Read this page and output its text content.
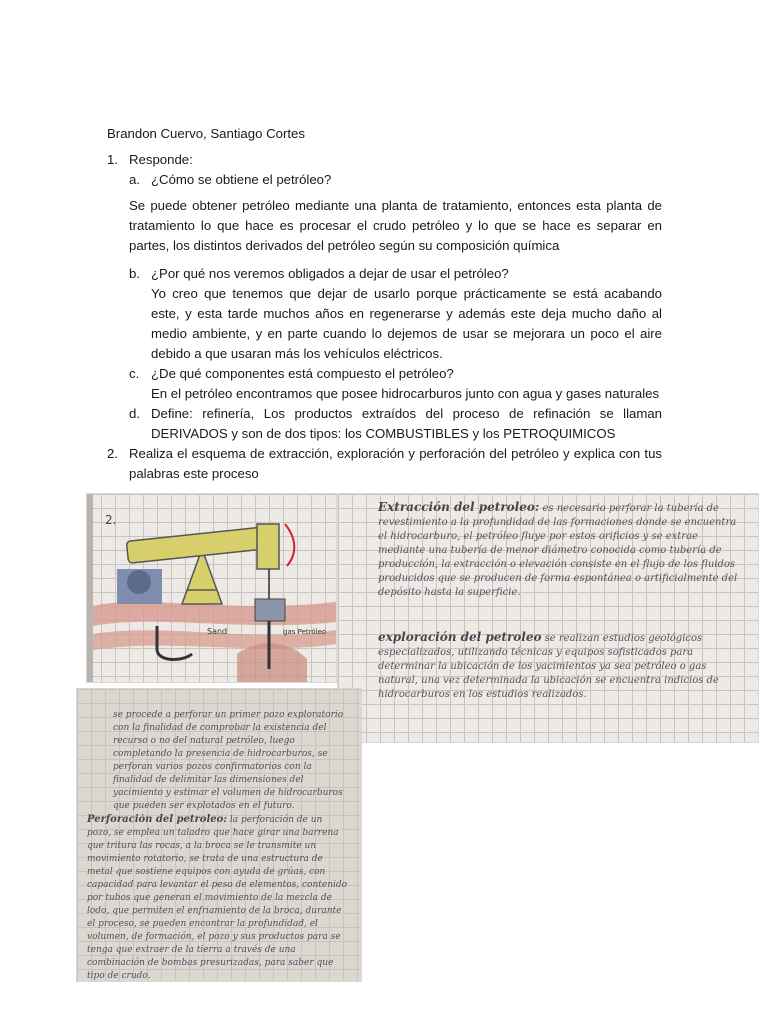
Brandon Cuervo, Santiago Cortes
1. Responde:
a. ¿Cómo se obtiene el petróleo?
Se puede obtener petróleo mediante una planta de tratamiento, entonces esta planta de tratamiento lo que hace es procesar el crudo petróleo y lo que se hace es separar en partes, los distintos derivados del petróleo según su composición química
b. ¿Por qué nos veremos obligados a dejar de usar el petróleo?
Yo creo que tenemos que dejar de usarlo porque prácticamente se está acabando este, y esta tarde muchos años en regenerarse y además este deja mucho daño al medio ambiente, y en parte cuando lo dejemos de usar se mejorara un poco el aire debido a que usaran más los vehículos eléctricos.
c. ¿De qué componentes está compuesto el petróleo?
En el petróleo encontramos que posee hidrocarburos junto con agua y gases naturales
d. Define: refinería, Los productos extraídos del proceso de refinación se llaman DERIVADOS y son de dos tipos: los COMBUSTIBLES y los PETROQUIMICOS
2. Realiza el esquema de extracción, exploración y perforación del petróleo y explica con tus palabras este proceso
2.
Sand	gas Petróleo
Extracción del petroleo: es necesario perforar la tubería de revestimiento a la profundidad de las formaciones donde se encuentra el hidrocarburo, el petróleo fluye por estos orificios y se extrae mediante una tubería de menor diámetro conocida como tubería de producción, la extracción o elevación consiste en el flujo de los fluidos producidos que se producen de forma espontánea o artificialmente del depósito hasta la superficie.
exploración del petroleo se realizan estudios geológicos especializados, utilizando técnicas y equipos sofisticados para determinar la ubicación de los yacimientos ya sea petróleo o gas natural, una vez determinada la ubicación se encuentra indicios de hidrocarburos en los estudios realizados.
se procede a perforar un primer pozo exploratorio con la finalidad de comprobar la existencia del recurso o no del natural petróleo, luego completando la presencia de hidrocarburos, se perforan varios pozos confirmatorios con la finalidad de delimitar las dimensiones del yacimiento y estimar el volumen de hidrocarburos que pueden ser explotados en el futuro.
Perforación del petroleo: la perforación de un pozo, se emplea un taladro que hace girar una barrena que tritura las rocas, a la broca se le transmite un movimiento rotatorio, se trata de una estructura de metal que sostiene equipos con ayuda de grúas, con capacidad para levantar el peso de elementos, contenido por tubos que generan el movimiento de la mezcla de lodo, que permiten el enfriamiento de la broca, durante el proceso, se pueden encontrar la profundidad, el volumen, de formación, el pozo y sus productos para se tenga que extraer de la tierra a través de una combinación de bombas presurizadas, para saber que tipo de crudo.
